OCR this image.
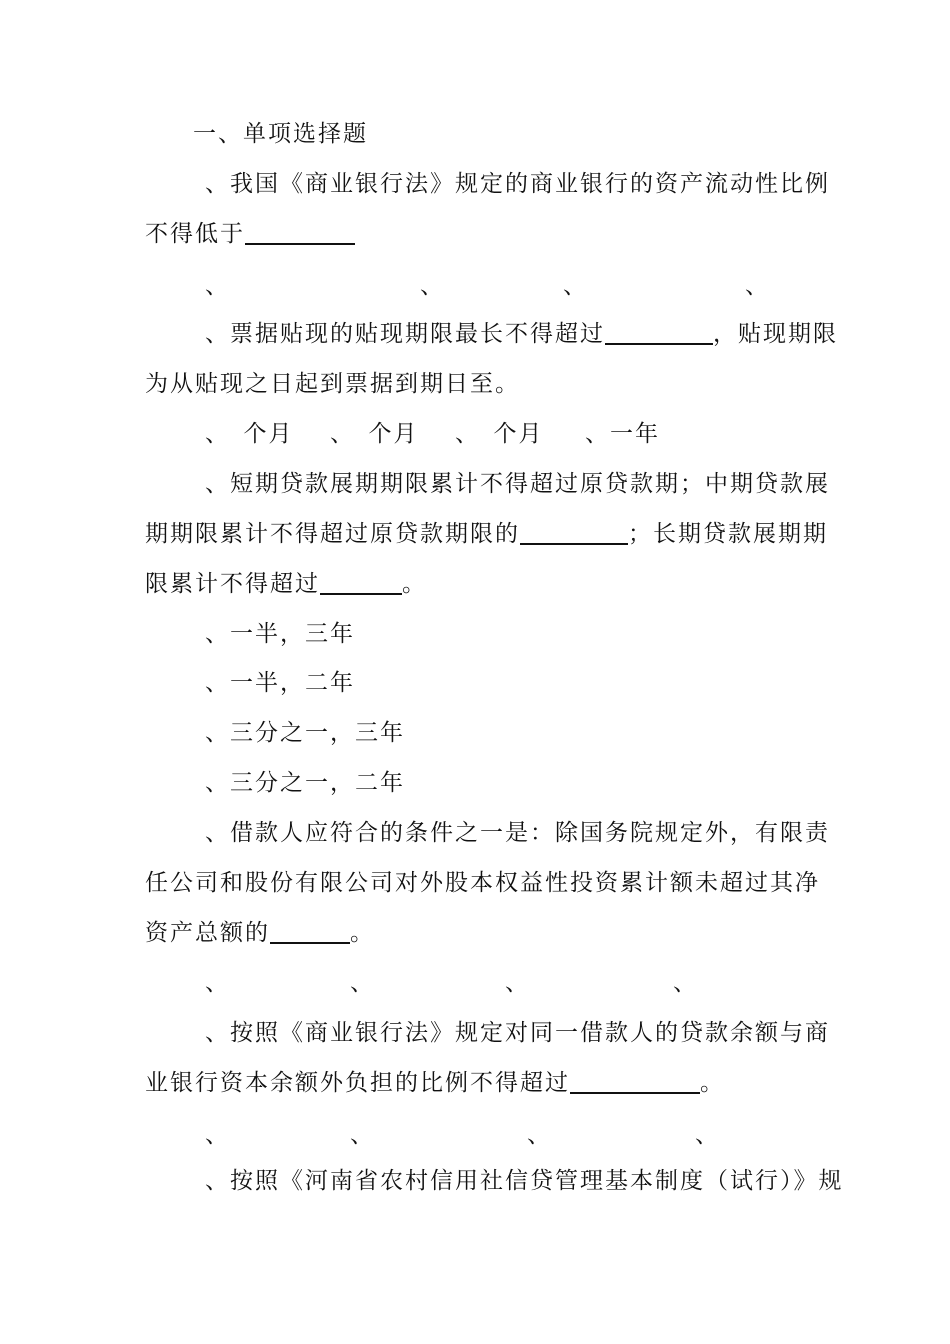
一、单项选择题
、我国《商业银行法》规定的商业银行的资产流动性比例
不得低于
、	、	、	、
、票据贴现的贴现期限最长不得超过	，贴现期限
为从贴现之日起到票据到期日至。
、　个月 、　个月 、　个月 、一年
、短期贷款展期期限累计不得超过原贷款期；中期贷款展
期期限累计不得超过原贷款期限的	；长期贷款展期期
限累计不得超过	。
、一半，三年
、一半，二年
、三分之一，三年
、三分之一，二年
、借款人应符合的条件之一是：除国务院规定外，有限责
任公司和股份有限公司对外股本权益性投资累计额未超过其净
资产总额的	。
、	、	、	、
、按照《商业银行法》规定对同一借款人的贷款余额与商
业银行资本余额外负担的比例不得超过	。
、	、	、	、
、按照《河南省农村信用社信贷管理基本制度（试行）》规
